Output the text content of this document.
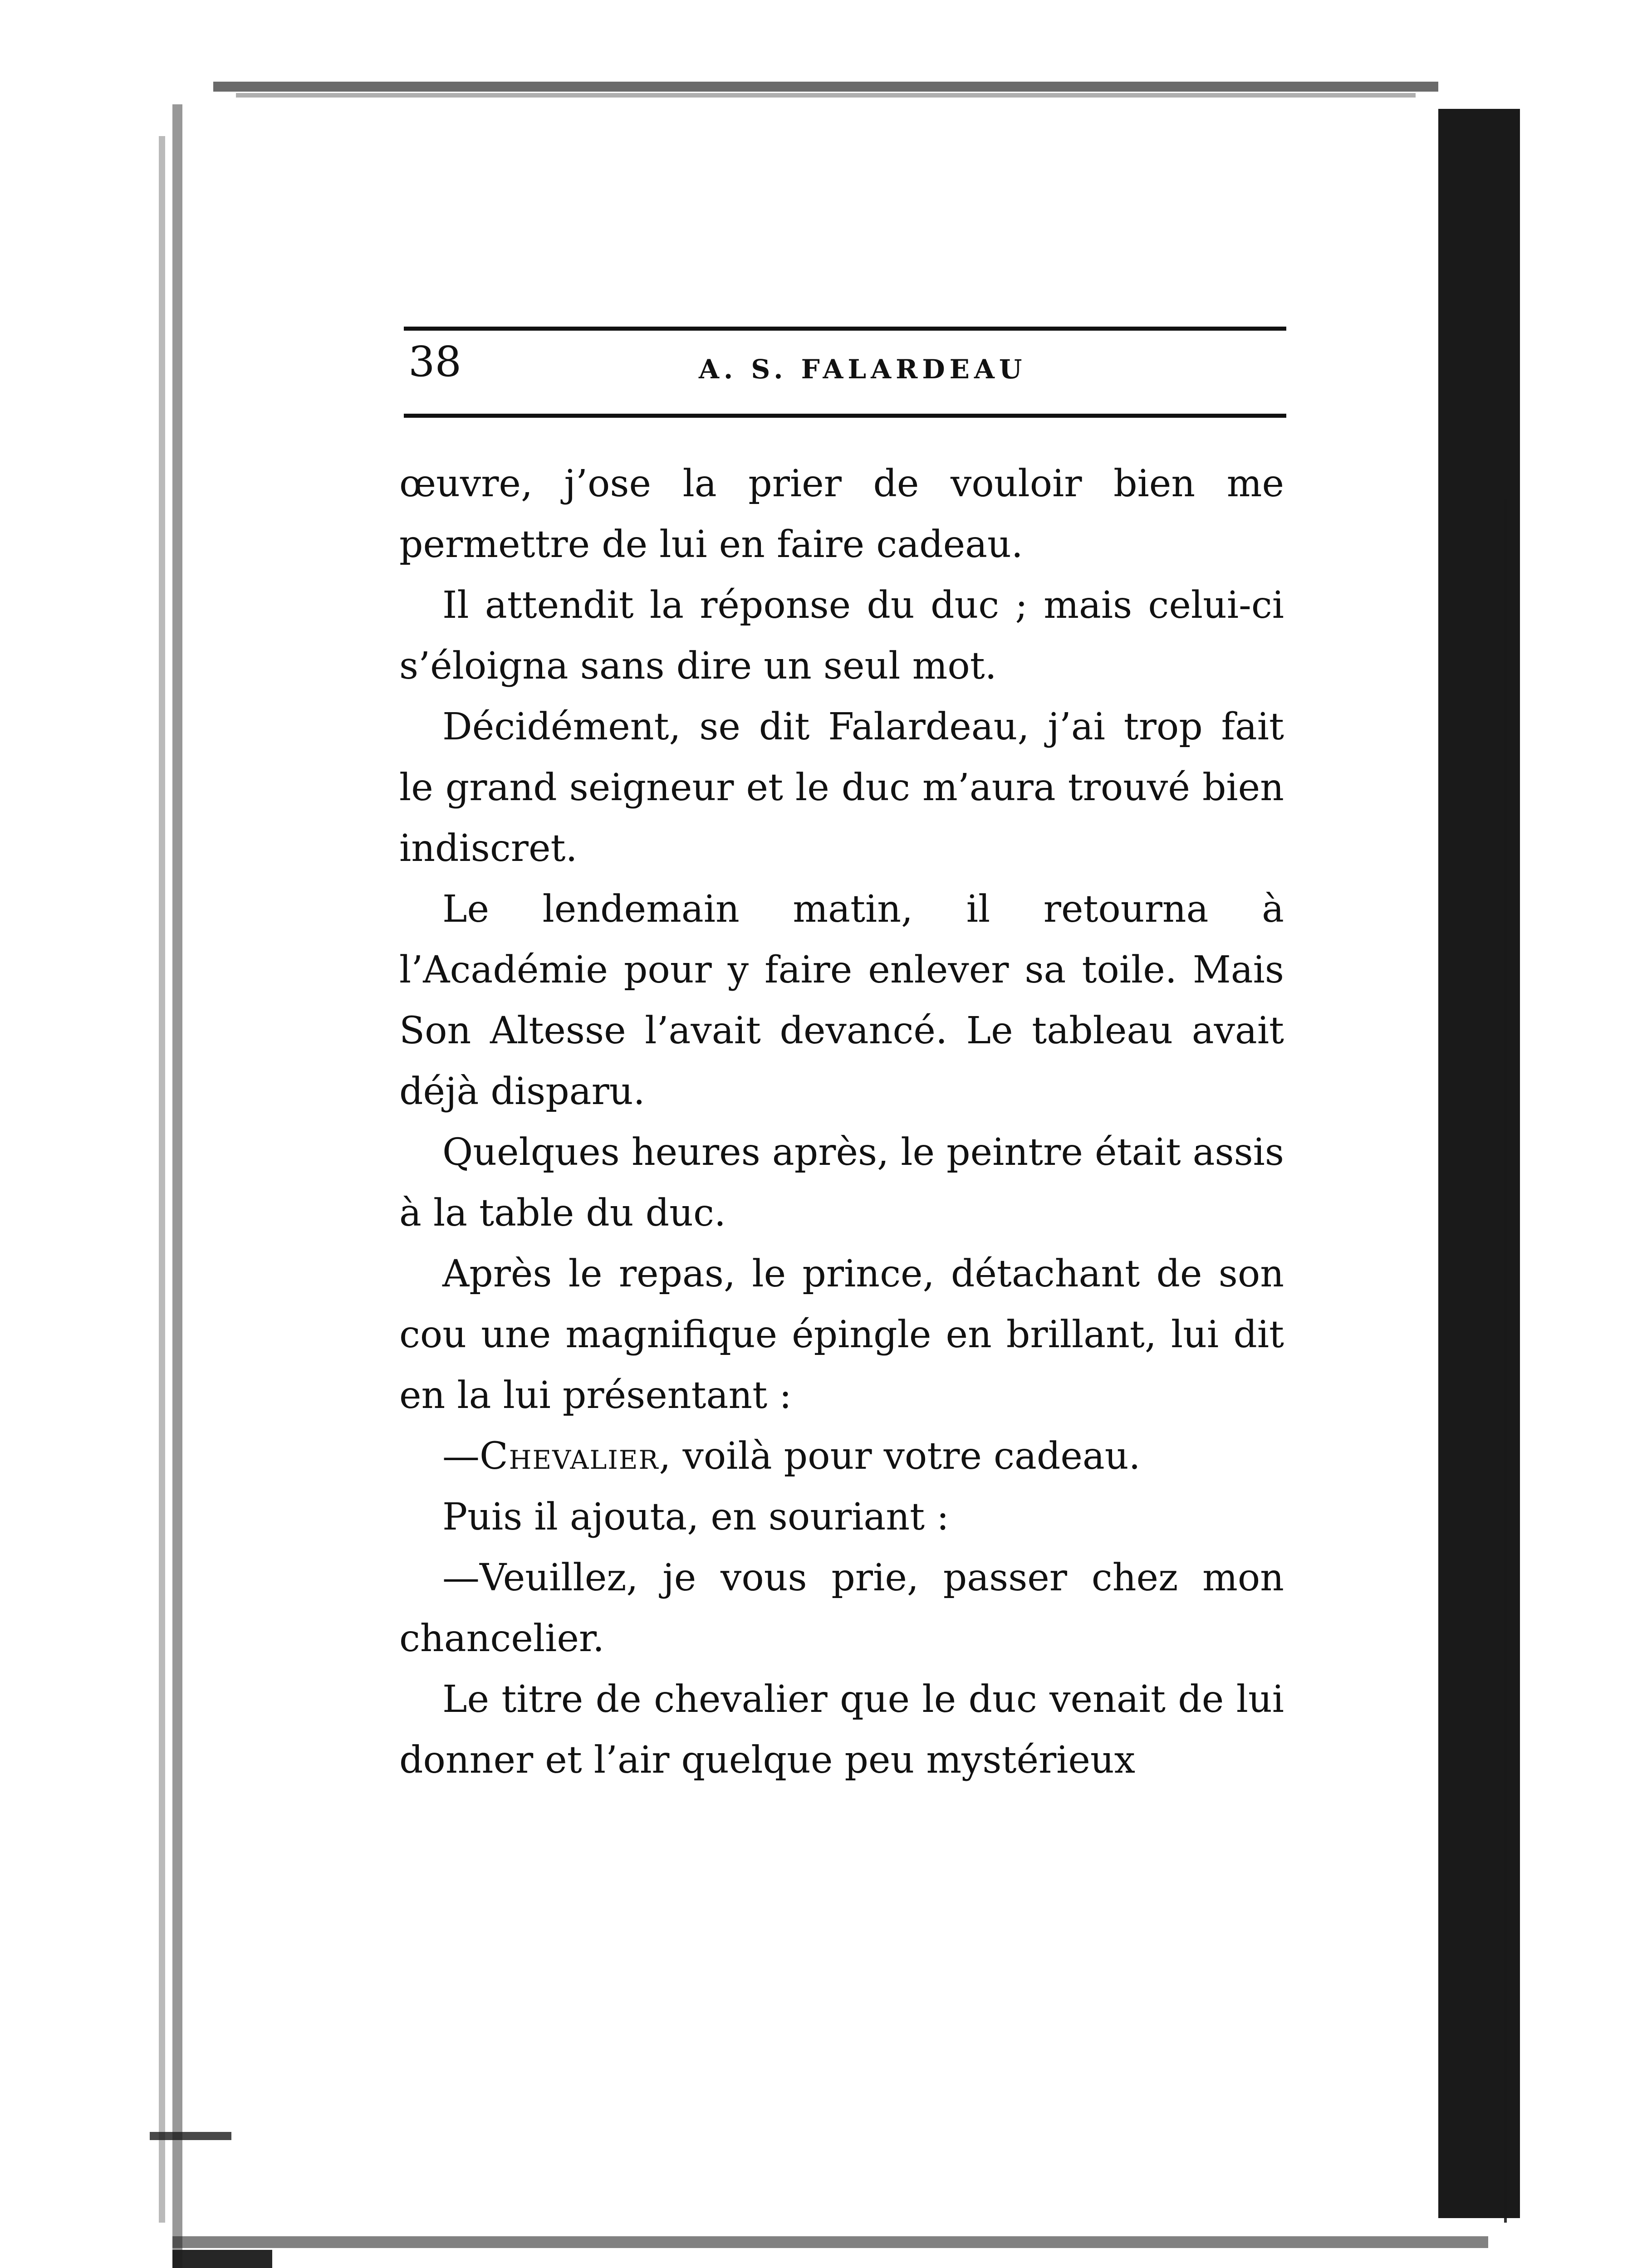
38	A. S. FALARDEAU

œuvre, j’ose la prier de vouloir bien me permettre de lui en faire cadeau.

Il attendit la réponse du duc ; mais celui-ci s’éloigna sans dire un seul mot.

Décidément, se dit Falardeau, j’ai trop fait le grand seigneur et le duc m’aura trouvé bien indiscret.

Le lendemain matin, il retourna à l’Académie pour y faire enlever sa toile. Mais Son Altesse l’avait devancé. Le tableau avait déjà disparu.

Quelques heures après, le peintre était assis à la table du duc.

Après le repas, le prince, détachant de son cou une magnifique épingle en brillant, lui dit en la lui présentant :

—Chevalier, voilà pour votre cadeau.

Puis il ajouta, en souriant :

—Veuillez, je vous prie, passer chez mon chancelier.

Le titre de chevalier que le duc venait de lui donner et l’air quelque peu mystérieux
